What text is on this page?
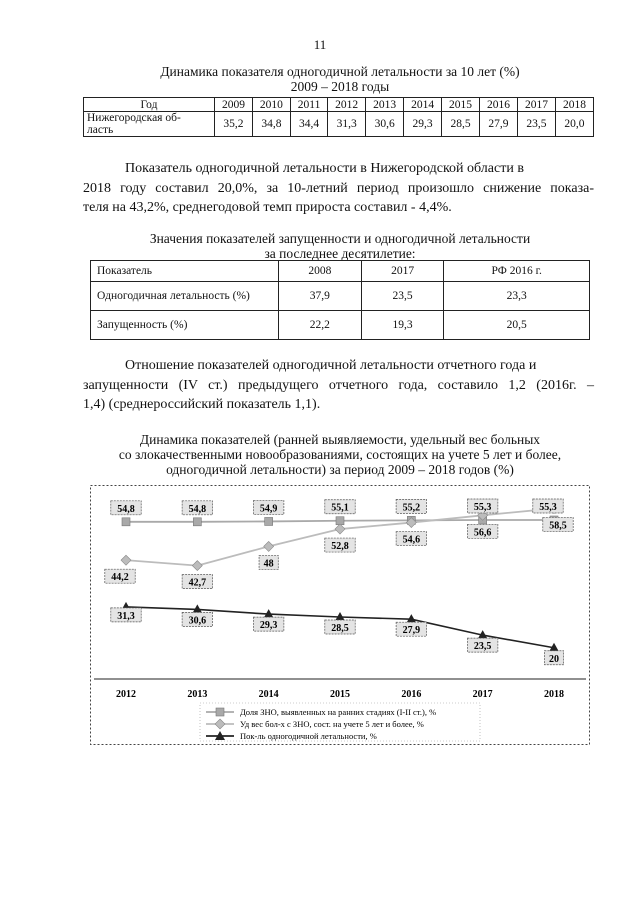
11
Динамика показателя одногодичной летальности за 10 лет (%)
2009 – 2018 годы
Год	2009	2010	2011	2012	2013	2014	2015	2016	2017	2018

Нижегородская об-
ласть	35,2	34,8	34,4	31,3	30,6	29,3	28,5	27,9	23,5	20,0
Показатель одногодичной летальности в Нижегородской области в
2018 году составил 20,0%, за 10-летний период произошло снижение показа-
теля на 43,2%, среднегодовой темп прироста составил - 4,4%.
Значения показателей запущенности и одногодичной летальности
за последнее десятилетие:
Показатель	2008	2017	РФ 2016 г.
Одногодичная летальность (%)	37,9	23,5	23,3
Запущенность (%)	22,2	19,3	20,5
Отношение показателей одногодичной летальности отчетного года и
запущенности (IV ст.) предыдущего отчетного года, составило 1,2 (2016г. –
1,4) (среднероссийский показатель 1,1).
Динамика показателей (ранней выявляемости, удельный вес больных
со злокачественными новообразованиями, состоящих на учете 5 лет и более,
одногодичной летальности) за период 2009 – 2018 годов (%)
54,8	54,8	54,9	55,1	55,2	55,3	55,3
44,2	42,7
48
52,8
54,6
56,6
58,5
31,3	30,6	29,3	28,5	27,9
23,5
20
2012	2013	2014	2015	2016	2017	2018
Доля ЗНО, выявленных на ранних стадиях (I-II ст.), %
Уд вес бол-х с ЗНО, сост. на учете 5 лет и более, %
Пок-ль одногодичной летальности, %
